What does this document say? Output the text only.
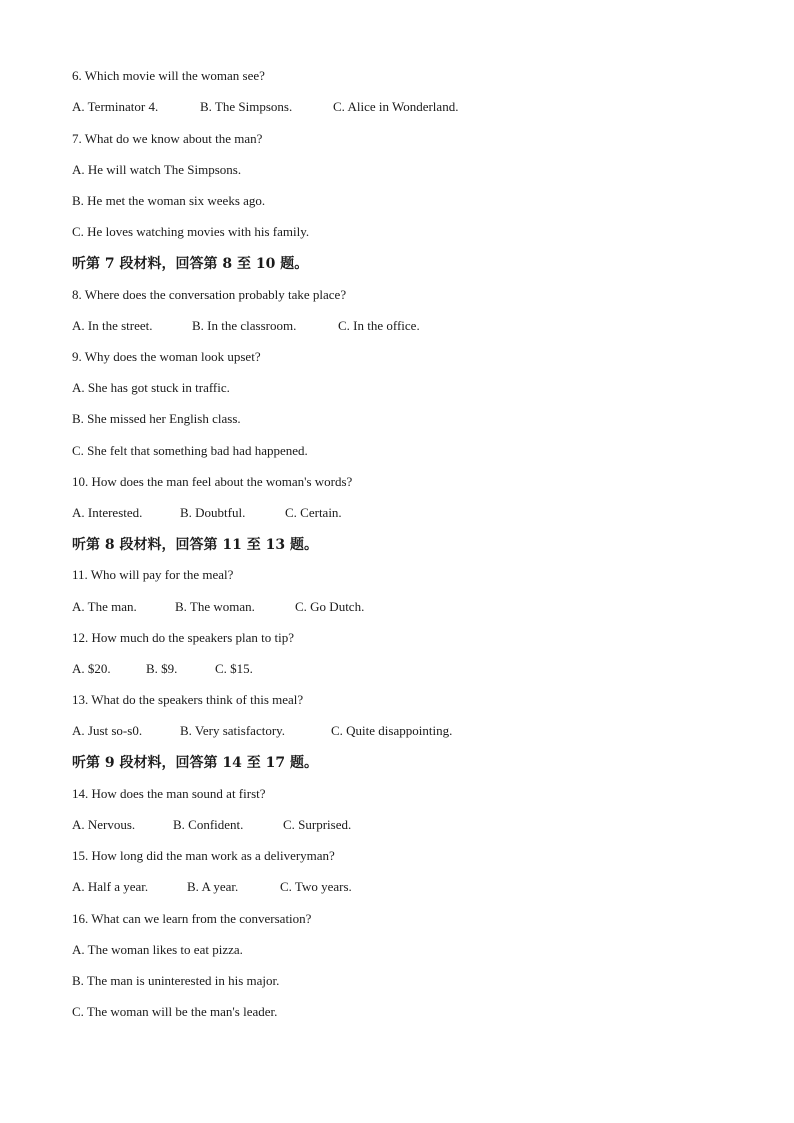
6. Which movie will the woman see?
A. Terminator 4.	B. The Simpsons.	C. Alice in Wonderland.
7. What do we know about the man?
A. He will watch The Simpsons.
B. He met the woman six weeks ago.
C. He loves watching movies with his family.
听第 7 段材料，回答第 8 至 10 题。
8. Where does the conversation probably take place?
A. In the street.	B. In the classroom.	C. In the office.
9. Why does the woman look upset?
A. She has got stuck in traffic.
B. She missed her English class.
C. She felt that something bad had happened.
10. How does the man feel about the woman's words?
A. Interested.	B. Doubtful.	C. Certain.
听第 8 段材料，回答第 11 至 13 题。
11. Who will pay for the meal?
A. The man.	B. The woman.	C. Go Dutch.
12. How much do the speakers plan to tip?
A. $20.	B. $9.	C. $15.
13. What do the speakers think of this meal?
A. Just so-s0.	B. Very satisfactory.	C. Quite disappointing.
听第 9 段材料，回答第 14 至 17 题。
14. How does the man sound at first?
A. Nervous.	B. Confident.	C. Surprised.
15. How long did the man work as a deliveryman?
A. Half a year.	B. A year.	C. Two years.
16. What can we learn from the conversation?
A. The woman likes to eat pizza.
B. The man is uninterested in his major.
C. The woman will be the man's leader.
